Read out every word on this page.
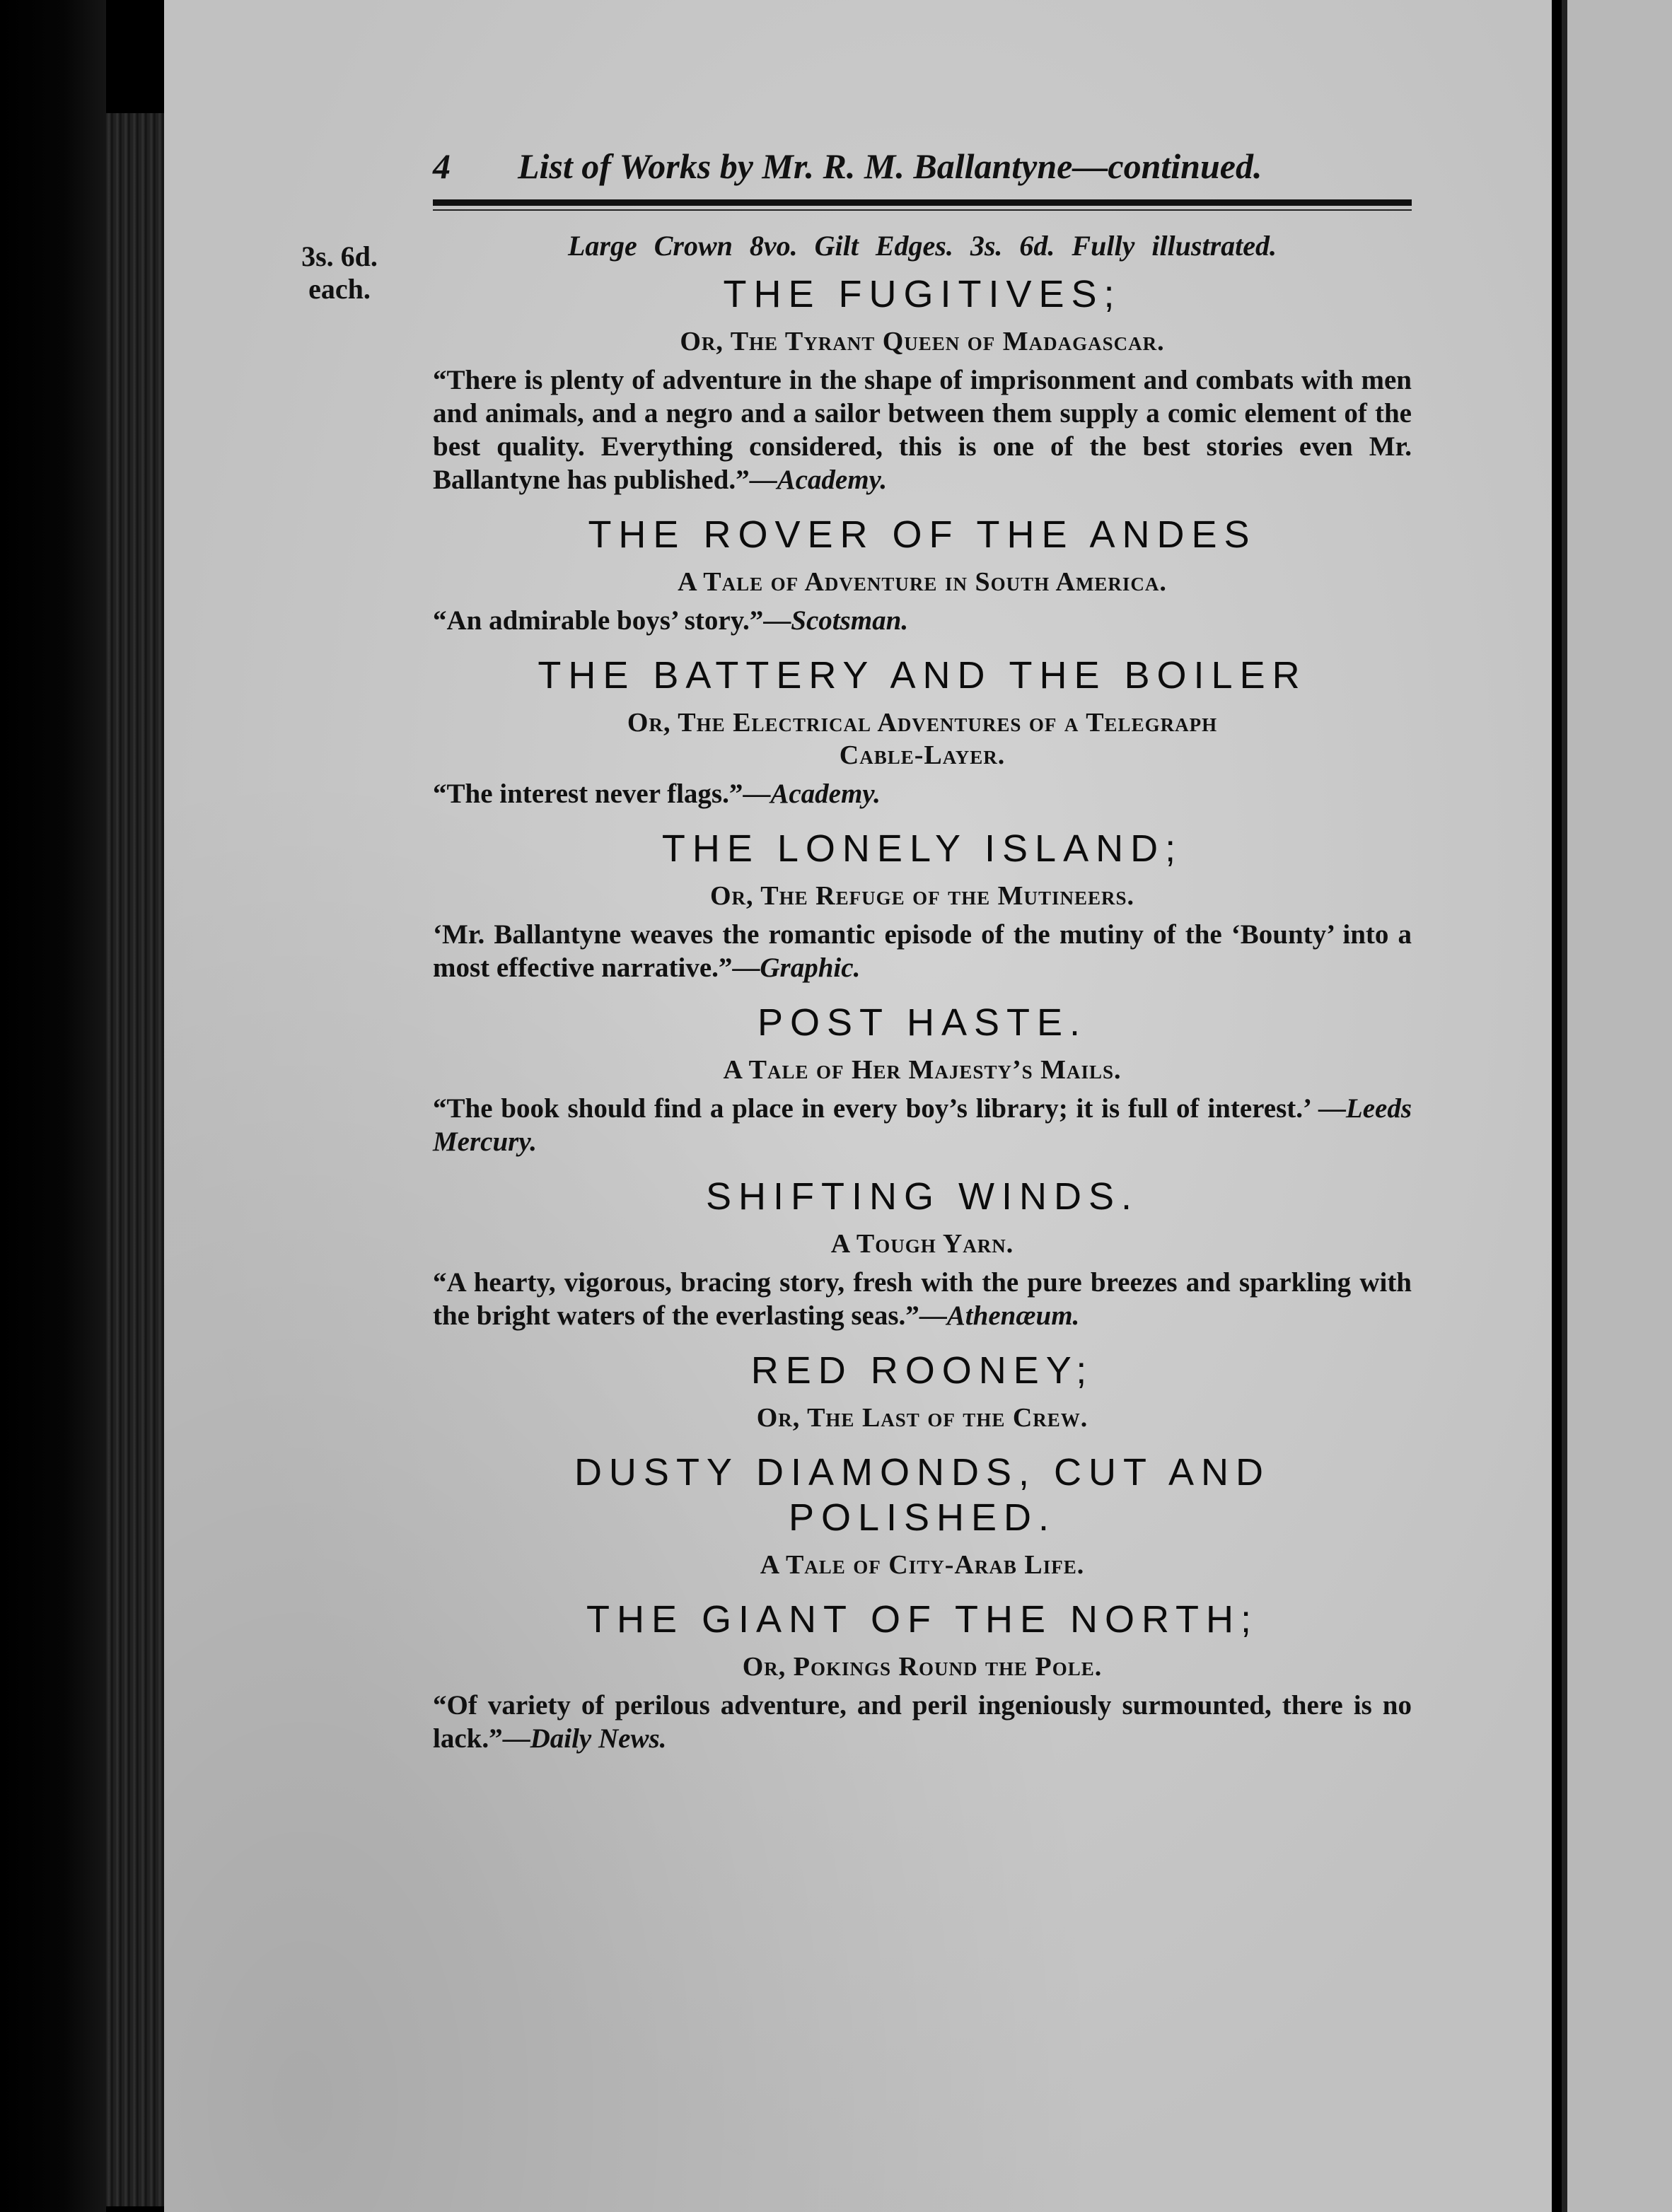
4 List of Works by Mr. R. M. Ballantyne—continued.
3s. 6d.
each.
Large Crown 8vo. Gilt Edges. 3s. 6d. Fully illustrated.
THE FUGITIVES;
Or, The Tyrant Queen of Madagascar.
“There is plenty of adventure in the shape of imprisonment and combats with men and animals, and a negro and a sailor between them supply a comic element of the best quality. Everything considered, this is one of the best stories even Mr. Ballantyne has published.”—Academy.
THE ROVER OF THE ANDES
A Tale of Adventure in South America.
“An admirable boys’ story.”—Scotsman.
THE BATTERY AND THE BOILER
Or, The Electrical Adventures of a Telegraph
Cable-Layer.
“The interest never flags.”—Academy.
THE LONELY ISLAND;
Or, The Refuge of the Mutineers.
‘Mr. Ballantyne weaves the romantic episode of the mutiny of the ‘Bounty’ into a most effective narrative.”—Graphic.
POST HASTE.
A Tale of Her Majesty’s Mails.
“The book should find a place in every boy’s library; it is full of interest.’ —Leeds Mercury.
SHIFTING WINDS.
A Tough Yarn.
“A hearty, vigorous, bracing story, fresh with the pure breezes and sparkling with the bright waters of the everlasting seas.”—Athenæum.
RED ROONEY;
Or, The Last of the Crew.
DUSTY DIAMONDS, CUT AND POLISHED.
A Tale of City-Arab Life.
THE GIANT OF THE NORTH;
Or, Pokings Round the Pole.
“Of variety of perilous adventure, and peril ingeniously surmounted, there is no lack.”—Daily News.
